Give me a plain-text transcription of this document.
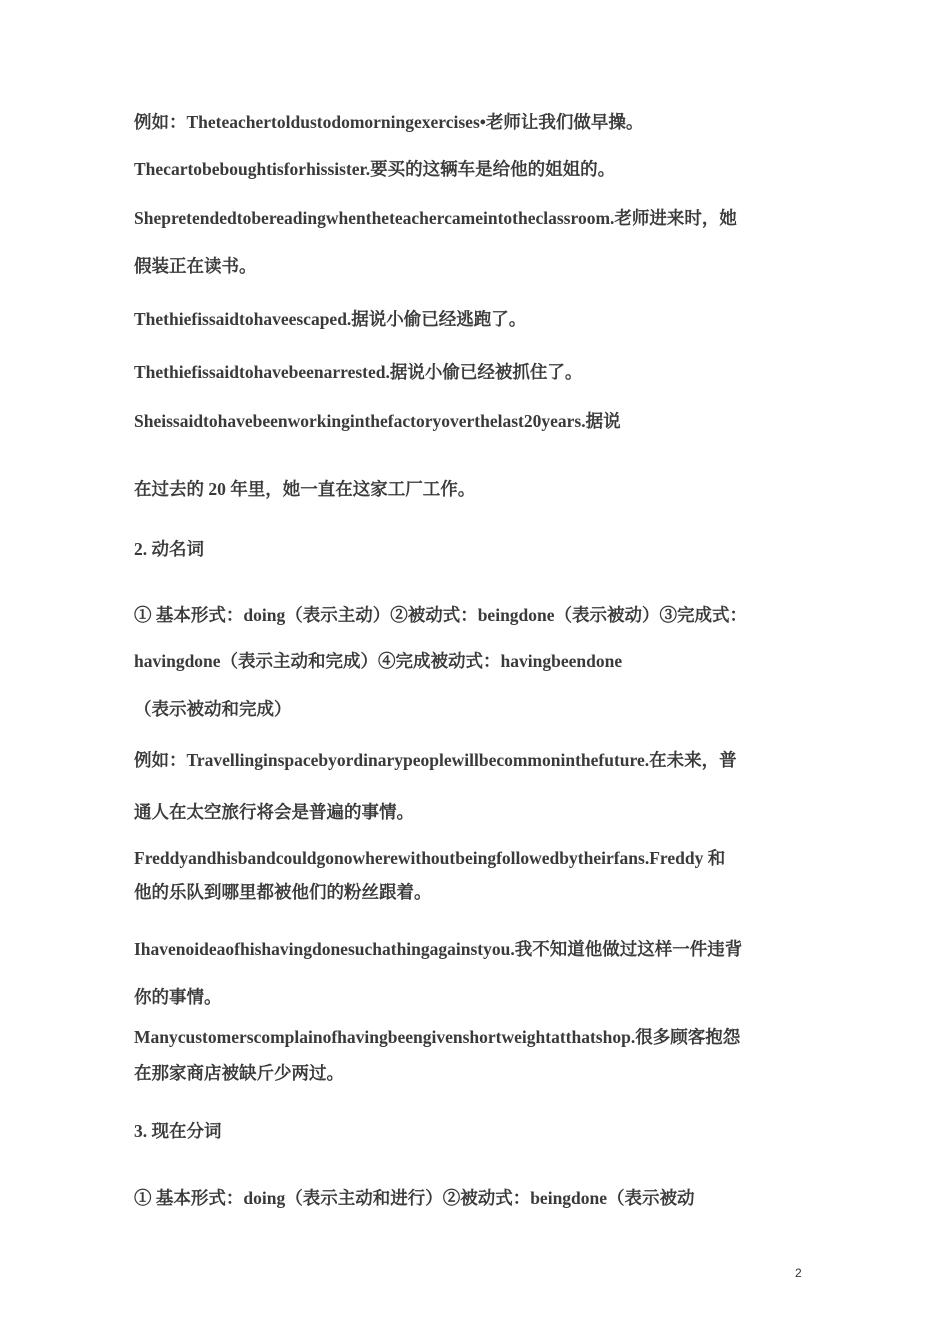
例如：Theteachertoldustodomorningexercises•老师让我们做早操。
Thecartobeboughtisforhissister.要买的这辆车是给他的姐姐的。
Shepretendedtobereadingwhentheteachercameintotheclassroom.老师进来时，她
假装正在读书。
Thethiefissaidtohaveescaped.据说小偷已经逃跑了。
Thethiefissaidtohavebeenarrested.据说小偷已经被抓住了。
Sheissaidtohavebeenworkinginthefactoryoverthelast20years.据说
在过去的 20 年里，她一直在这家工厂工作。
2. 动名词
① 基本形式：doing（表示主动）②被动式：beingdone（表示被动）③完成式：
havingdone（表示主动和完成）④完成被动式：havingbeendone
（表示被动和完成）
例如：Travellinginspacebyordinarypeoplewillbecommoninthefuture.在未来，普
通人在太空旅行将会是普遍的事情。
Freddyandhisbandcouldgonowherewithoutbeingfollowedbytheirfans.Freddy 和
他的乐队到哪里都被他们的粉丝跟着。
Ihavenoideaofhishavingdonesuchathingagainstyou.我不知道他做过这样一件违背
你的事情。
Manycustomerscomplainofhavingbeengivenshortweightatthatshop.很多顾客抱怨
在那家商店被缺斤少两过。
3. 现在分词
① 基本形式：doing（表示主动和进行）②被动式：beingdone（表示被动
2
